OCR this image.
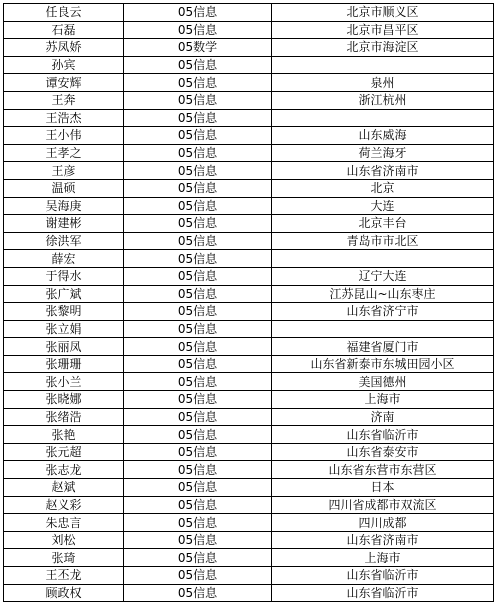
任良云	05信息	北京市顺义区
石磊	05信息	北京市昌平区
苏凤娇	05数学	北京市海淀区
孙宾	05信息	
谭安辉	05信息	泉州
王奔	05信息	浙江杭州
王浩杰	05信息	
王小伟	05信息	山东威海
王孝之	05信息	荷兰海牙
王彦	05信息	山东省济南市
温硕	05信息	北京
吴海庚	05信息	大连
谢建彬	05信息	北京丰台
徐洪军	05信息	青岛市市北区
薛宏	05信息	
于得水	05信息	辽宁大连
张广斌	05信息	江苏昆山~山东枣庄
张黎明	05信息	山东省济宁市
张立娟	05信息	
张丽凤	05信息	福建省厦门市
张珊珊	05信息	山东省新泰市东城田园小区
张小兰	05信息	美国德州
张晓娜	05信息	上海市
张绪浩	05信息	济南
张艳	05信息	山东省临沂市
张元超	05信息	山东省泰安市
张志龙	05信息	山东省东营市东营区
赵斌	05信息	日本
赵义彩	05信息	四川省成都市双流区
朱忠言	05信息	四川成都
刘松	05信息	山东省济南市
张琦	05信息	上海市
王丕龙	05信息	山东省临沂市
顾政权	05信息	山东省临沂市
